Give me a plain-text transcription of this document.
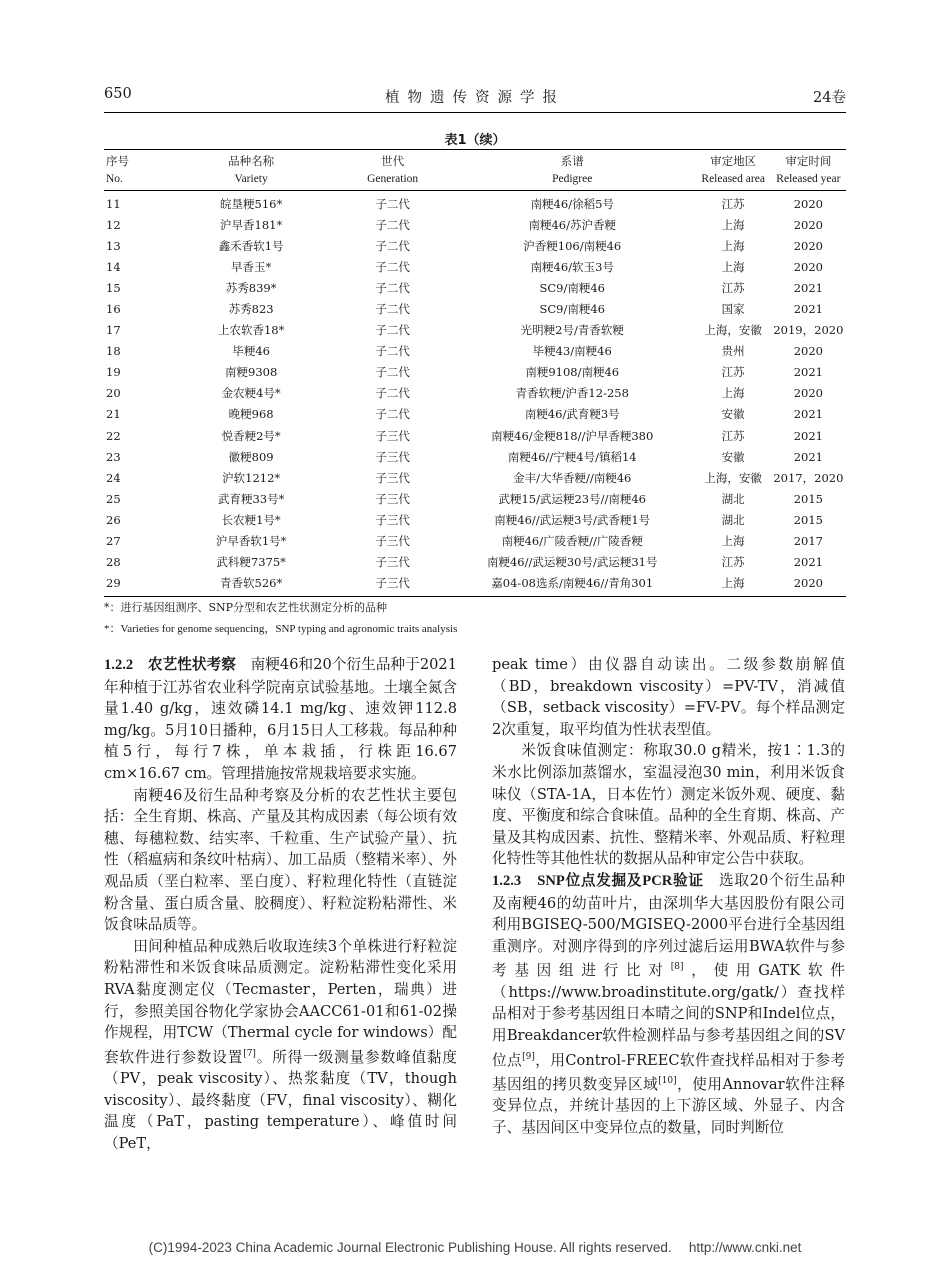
650	植物遗传资源学报	24卷
表1（续）
序号	品种名称	世代	系谱	审定地区	审定时间
No.	Variety	Generation	Pedigree	Released area	Released year
11	皖垦粳516*	子二代	南粳46/徐稻5号	江苏	2020
12	沪早香181*	子二代	南粳46/苏沪香粳	上海	2020
13	鑫禾香软1号	子二代	沪香粳106/南粳46	上海	2020
14	早香玉*	子二代	南粳46/软玉3号	上海	2020
15	苏秀839*	子二代	SC9/南粳46	江苏	2021
16	苏秀823	子二代	SC9/南粳46	国家	2021
17	上农软香18*	子二代	光明粳2号/青香软粳	上海，安徽	2019，2020
18	毕粳46	子二代	毕粳43/南粳46	贵州	2020
19	南粳9308	子二代	南粳9108/南粳46	江苏	2021
20	金农粳4号*	子二代	青香软粳/沪香12-258	上海	2020
21	晚粳968	子二代	南粳46/武育粳3号	安徽	2021
22	悦香粳2号*	子三代	南粳46/金粳818//沪早香粳380	江苏	2021
23	徽粳809	子三代	南粳46//宁粳4号/镇稻14	安徽	2021
24	沪软1212*	子三代	金丰/大华香粳//南粳46	上海，安徽	2017，2020
25	武育粳33号*	子三代	武粳15/武运粳23号//南粳46	湖北	2015
26	长农粳1号*	子三代	南粳46//武运粳3号/武香粳1号	湖北	2015
27	沪早香软1号*	子三代	南粳46/广陵香粳//广陵香粳	上海	2017
28	武科粳7375*	子三代	南粳46//武运粳30号/武运粳31号	江苏	2021
29	青香软526*	子三代	嘉04-08选系/南粳46//青角301	上海	2020
*：进行基因组测序、SNP分型和农艺性状测定分析的品种
*：Varieties for genome sequencing，SNP typing and agronomic traits analysis

1.2.2　农艺性状考察　 南粳46和20个衍生品种于2021年种植于江苏省农业科学院南京试验基地。土壤全氮含量1.40 g/kg，速效磷14.1 mg/kg、速效钾112.8 mg/kg。5月10日播种，6月15日人工移栽。每品种种植5行，每行7株，单本栽插，行株距16.67 cm×16.67 cm。管理措施按常规栽培要求实施。

南粳46及衍生品种考察及分析的农艺性状主要包括：全生育期、株高、产量及其构成因素（每公顷有效穗、每穗粒数、结实率、千粒重、生产试验产量）、抗性（稻瘟病和条纹叶枯病）、加工品质（整精米率）、外观品质（垩白粒率、垩白度）、籽粒理化特性（直链淀粉含量、蛋白质含量、胶稠度）、籽粒淀粉粘滞性、米饭食味品质等。

田间种植品种成熟后收取连续3个单株进行籽粒淀粉粘滞性和米饭食味品质测定。淀粉粘滞性变化采用RVA黏度测定仪（Tecmaster，Perten，瑞典）进行，参照美国谷物化学家协会AACC61-01和61-02操作规程，用TCW（Thermal cycle for windows）配套软件进行参数设置[7]。所得一级测量参数峰值黏度（PV，peak viscosity）、热浆黏度（TV，though viscosity）、最终黏度（FV，final viscosity）、糊化温度（PaT，pasting temperature）、峰值时间（PeT，

peak time）由仪器自动读出。二级参数崩解值（BD，breakdown viscosity）=PV-TV，消减值（SB，setback viscosity）=FV-PV。每个样品测定2次重复，取平均值为性状表型值。

米饭食味值测定：称取30.0 g精米，按1∶1.3的米水比例添加蒸馏水，室温浸泡30 min，利用米饭食味仪（STA-1A，日本佐竹）测定米饭外观、硬度、黏度、平衡度和综合食味值。品种的全生育期、株高、产量及其构成因素、抗性、整精米率、外观品质、籽粒理化特性等其他性状的数据从品种审定公告中获取。

1.2.3　SNP位点发掘及PCR验证　 选取20个衍生品种及南粳46的幼苗叶片，由深圳华大基因股份有限公司利用BGISEQ-500/MGISEQ-2000平台进行全基因组重测序。对测序得到的序列过滤后运用BWA软件与参考基因组进行比对[8]，使用GATK软件（https://www.broadinstitute.org/gatk/）查找样品相对于参考基因组日本晴之间的SNP和Indel位点，用Breakdancer软件检测样品与参考基因组之间的SV位点[9]，用Control-FREEC软件查找样品相对于参考基因组的拷贝数变异区域[10]，使用Annovar软件注释变异位点，并统计基因的上下游区域、外显子、内含子、基因间区中变异位点的数量，同时判断位

(C)1994-2023 China Academic Journal Electronic Publishing House. All rights reserved.　 http://www.cnki.net
